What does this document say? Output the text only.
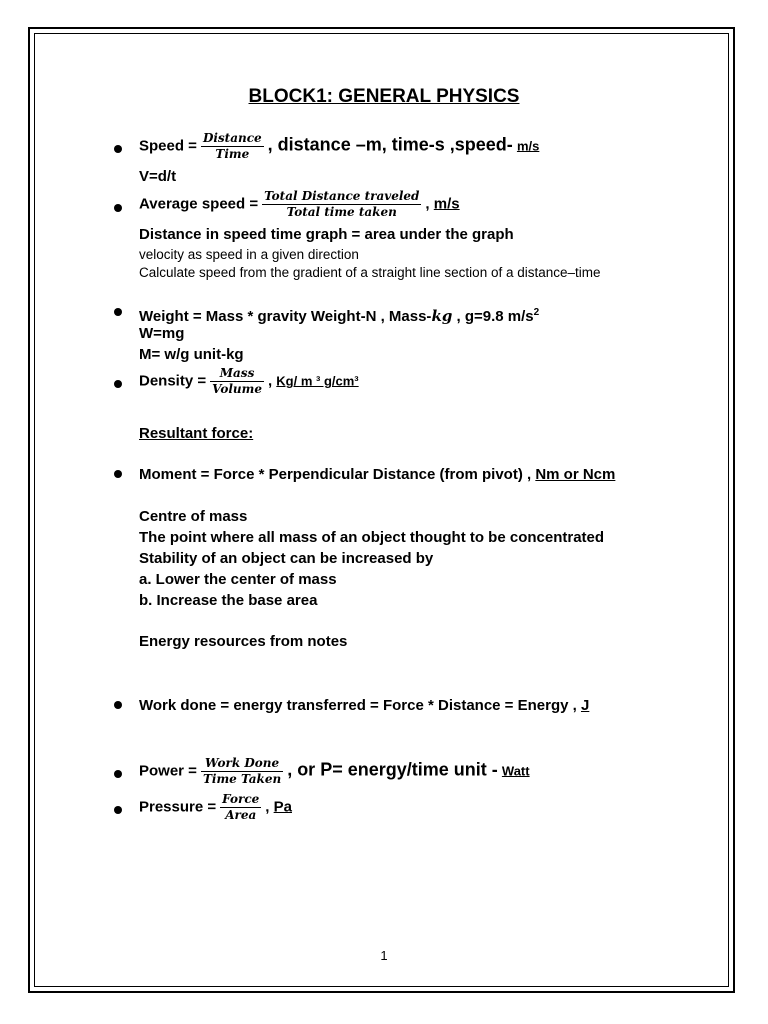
BLOCK1: GENERAL PHYSICS
Speed = $\frac{\text{Distance}}{\text{Time}}$ , distance –m, time-s ,speed- m/s
V=d/t
Average speed = $\frac{\text{Total Distance traveled}}{\text{Total time taken}}$ , m/s
Distance in speed time graph = area under the graph
velocity as speed in a given direction
Calculate speed from the gradient of a straight line section of a distance–time
Weight = Mass * gravity Weight-N , Mass-kg , g=9.8 $m/s^2$
W=mg
M= w/g unit-kg
Density = $\frac{\text{Mass}}{\text{Volume}}$ , Kg/ m ³ g/cm³
Resultant force:
Moment = Force * Perpendicular Distance (from pivot) , Nm or Ncm
Centre of mass
The point where all mass of an object thought to be concentrated
Stability of an object can be increased by
a. Lower the center of mass
b. Increase the base area
Energy resources from notes
Work done = energy transferred = Force * Distance = Energy , J
Power = $\frac{\text{Work Done}}{\text{Time Taken}}$ , or P= energy/time unit - Watt
Pressure = $\frac{\text{Force}}{\text{Area}}$ , Pa
1
